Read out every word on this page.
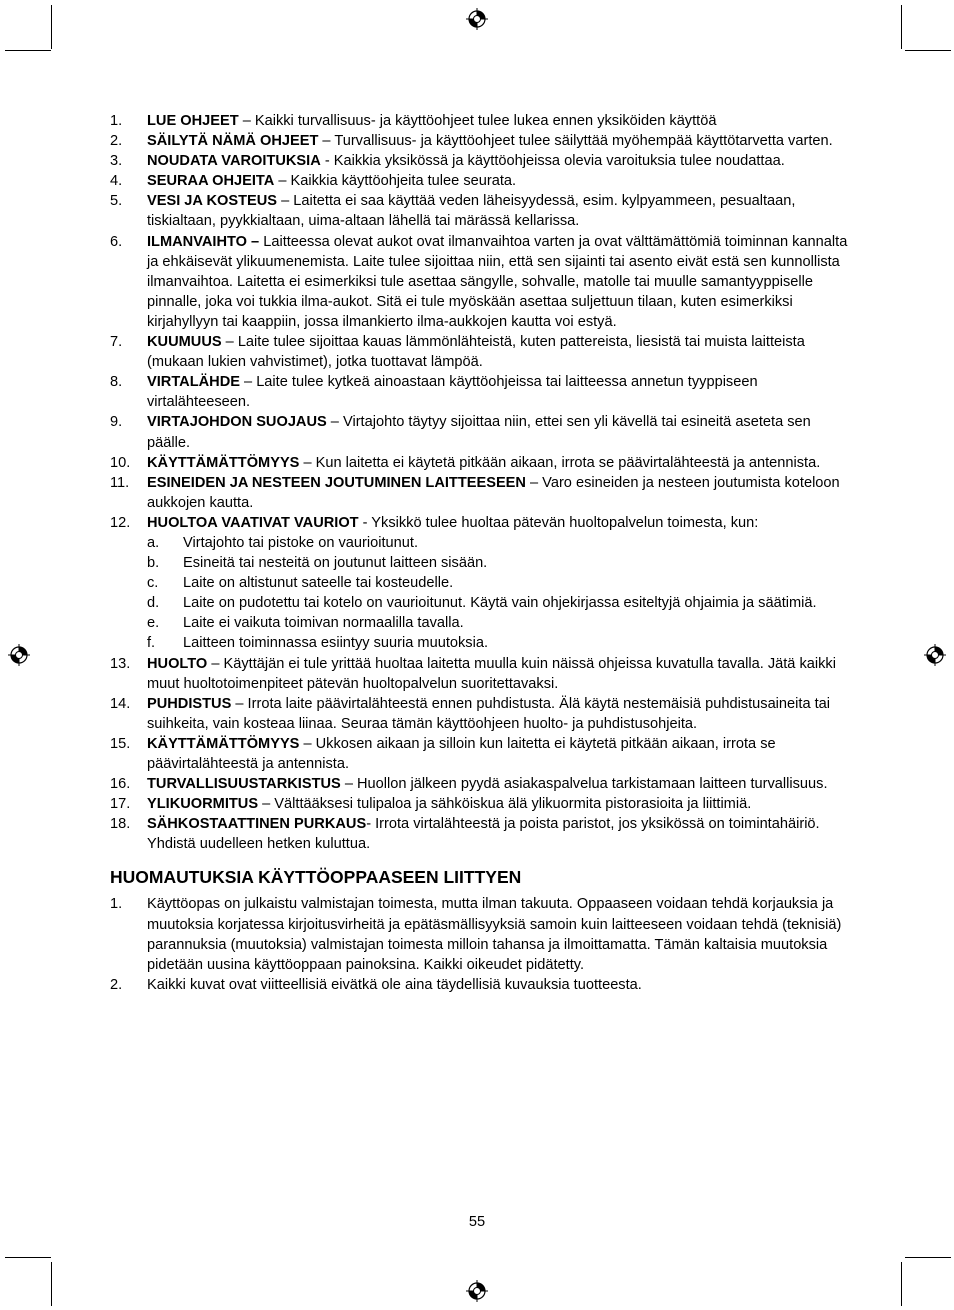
1. LUE OHJEET – Kaikki turvallisuus- ja käyttöohjeet tulee lukea ennen yksiköiden käyttöä
2. SÄILYTÄ NÄMÄ OHJEET – Turvallisuus- ja käyttöohjeet tulee säilyttää myöhempää käyttötarvetta varten.
3. NOUDATA VAROITUKSIA - Kaikkia yksikössä ja käyttöohjeissa olevia varoituksia tulee noudattaa.
4. SEURAA OHJEITA – Kaikkia käyttöohjeita tulee seurata.
5. VESI JA KOSTEUS – Laitetta ei saa käyttää veden läheisyydessä, esim. kylpyammeen, pesualtaan, tiskialtaan, pyykkialtaan, uima-altaan lähellä tai märässä kellarissa.
6. ILMANVAIHTO – Laitteessa olevat aukot ovat ilmanvaihtoa varten ja ovat välttämättömiä toiminnan kannalta ja ehkäisevät ylikuumenemista. Laite tulee sijoittaa niin, että sen sijainti tai asento eivät estä sen kunnollista ilmanvaihtoa. Laitetta ei esimerkiksi tule asettaa sängylle, sohvalle, matolle tai muulle samantyyppiselle pinnalle, joka voi tukkia ilma-aukot. Sitä ei tule myöskään asettaa suljettuun tilaan, kuten esimerkiksi kirjahyllyyn tai kaappiin, jossa ilmankierto ilma-aukkojen kautta voi estyä.
7. KUUMUUS – Laite tulee sijoittaa kauas lämmönlähteistä, kuten pattereista, liesistä tai muista laitteista (mukaan lukien vahvistimet), jotka tuottavat lämpöä.
8. VIRTALÄHDE – Laite tulee kytkeä ainoastaan käyttöohjeissa tai laitteessa annetun tyyppiseen virtalähteeseen.
9. VIRTAJOHDON SUOJAUS – Virtajohto täytyy sijoittaa niin, ettei sen yli kävellä tai esineitä aseteta sen päälle.
10. KÄYTTÄMÄTTÖMYYS – Kun laitetta ei käytetä pitkään aikaan, irrota se päävirtalähteestä ja antennista.
11. ESINEIDEN JA NESTEEN JOUTUMINEN LAITTEESEEN – Varo esineiden ja nesteen joutumista koteloon aukkojen kautta.
12. HUOLTOA VAATIVAT VAURIOT - Yksikkö tulee huoltaa pätevän huoltopalvelun toimesta, kun:
a. Virtajohto tai pistoke on vaurioitunut.
b. Esineitä tai nesteitä on joutunut laitteen sisään.
c. Laite on altistunut sateelle tai kosteudelle.
d. Laite on pudotettu tai kotelo on vaurioitunut. Käytä vain ohjekirjassa esiteltyjä ohjaimia ja säätimiä.
e. Laite ei vaikuta toimivan normaalilla tavalla.
f. Laitteen toiminnassa esiintyy suuria muutoksia.
13. HUOLTO – Käyttäjän ei tule yrittää huoltaa laitetta muulla kuin näissä ohjeissa kuvatulla tavalla. Jätä kaikki muut huoltotoimenpiteet pätevän huoltopalvelun suoritettavaksi.
14. PUHDISTUS – Irrota laite päävirtalähteestä ennen puhdistusta. Älä käytä nestemäisiä puhdistusaineita tai suihkeita, vain kosteaa liinaa. Seuraa tämän käyttöohjeen huolto- ja puhdistusohjeita.
15. KÄYTTÄMÄTTÖMYYS – Ukkosen aikaan ja silloin kun laitetta ei käytetä pitkään aikaan, irrota se päävirtalähteestä ja antennista.
16. TURVALLISUUSTARKISTUS – Huollon jälkeen pyydä asiakaspalvelua tarkistamaan laitteen turvallisuus.
17. YLIKUORMITUS – Välttääksesi tulipaloa ja sähköiskua älä ylikuormita pistorasioita ja liittimiä.
18. SÄHKOSTAATTINEN PURKAUS- Irrota virtalähteestä ja poista paristot, jos yksikössä on toimintahäiriö. Yhdistä uudelleen hetken kuluttua.
HUOMAUTUKSIA KÄYTTÖOPPAASEEN LIITTYEN
1. Käyttöopas on julkaistu valmistajan toimesta, mutta ilman takuuta. Oppaaseen voidaan tehdä korjauksia ja muutoksia korjatessa kirjoitusvirheitä ja epätäsmällisyyksiä samoin kuin laitteeseen voidaan tehdä (teknisiä) parannuksia (muutoksia) valmistajan toimesta milloin tahansa ja ilmoittamatta. Tämän kaltaisia muutoksia pidetään uusina käyttöoppaan painoksina. Kaikki oikeudet pidätetty.
2. Kaikki kuvat ovat viitteellisiä eivätkä ole aina täydellisiä kuvauksia tuotteesta.
55
